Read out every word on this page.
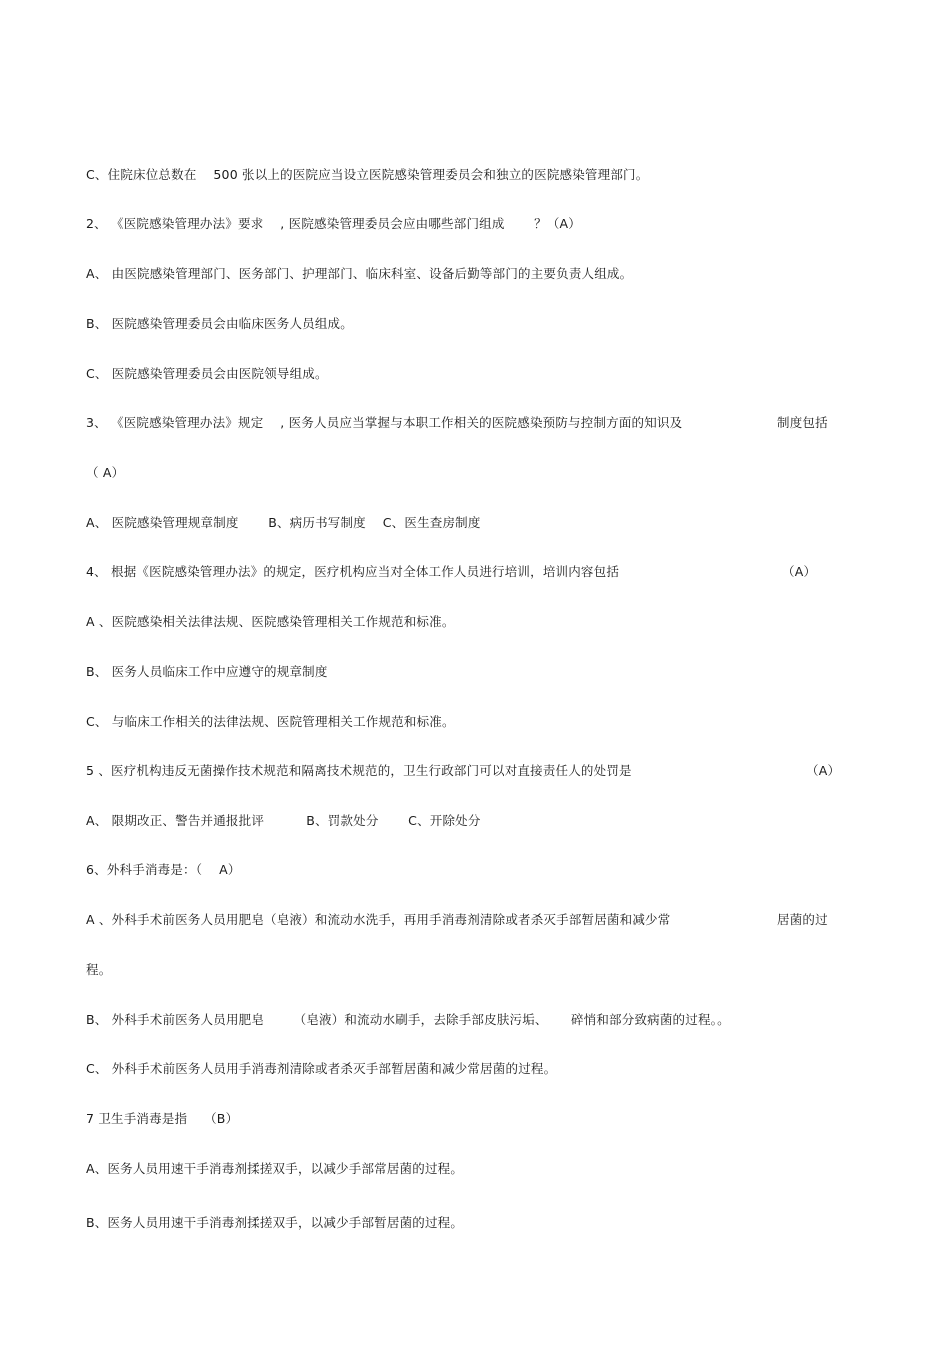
C、住院床位总数在　 500 张以上的医院应当设立医院感染管理委员会和独立的医院感染管理部门。
2、 《医院感染管理办法》要求　 , 医院感染管理委员会应由哪些部门组成　　 ？（A）
A、 由医院感染管理部门、医务部门、护理部门、临床科室、设备后勤等部门的主要负责人组成。
B、 医院感染管理委员会由临床医务人员组成。
C、 医院感染管理委员会由医院领导组成。
3、 《医院感染管理办法》规定　 , 医务人员应当掌握与本职工作相关的医院感染预防与控制方面的知识及	制度包括
（ A）
A、 医院感染管理规章制度　　 B、病历书写制度　 C、医生查房制度
4、 根据《医院感染管理办法》的规定，医疗机构应当对全体工作人员进行培训，培训内容包括	（A）
A 、医院感染相关法律法规、医院感染管理相关工作规范和标准。
B、 医务人员临床工作中应遵守的规章制度
C、 与临床工作相关的法律法规、医院管理相关工作规范和标准。
5 、医疗机构违反无菌操作技术规范和隔离技术规范的，卫生行政部门可以对直接责任人的处罚是	（A）
A、 限期改正、警告并通报批评　　　 B、罚款处分　　 C、开除处分
6、外科手消毒是：（　 A）
A 、外科手术前医务人员用肥皂（皂液）和流动水洗手，再用手消毒剂清除或者杀灭手部暂居菌和减少常	居菌的过
程。
B、 外科手术前医务人员用肥皂　　 （皂液）和流动水刷手，去除手部皮肤污垢、　　 碎悄和部分致病菌的过程。。
C、 外科手术前医务人员用手消毒剂清除或者杀灭手部暂居菌和减少常居菌的过程。
7 卫生手消毒是指　 （B）
A、医务人员用速干手消毒剂揉搓双手，以减少手部常居菌的过程。
B、医务人员用速干手消毒剂揉搓双手，以减少手部暂居菌的过程。
